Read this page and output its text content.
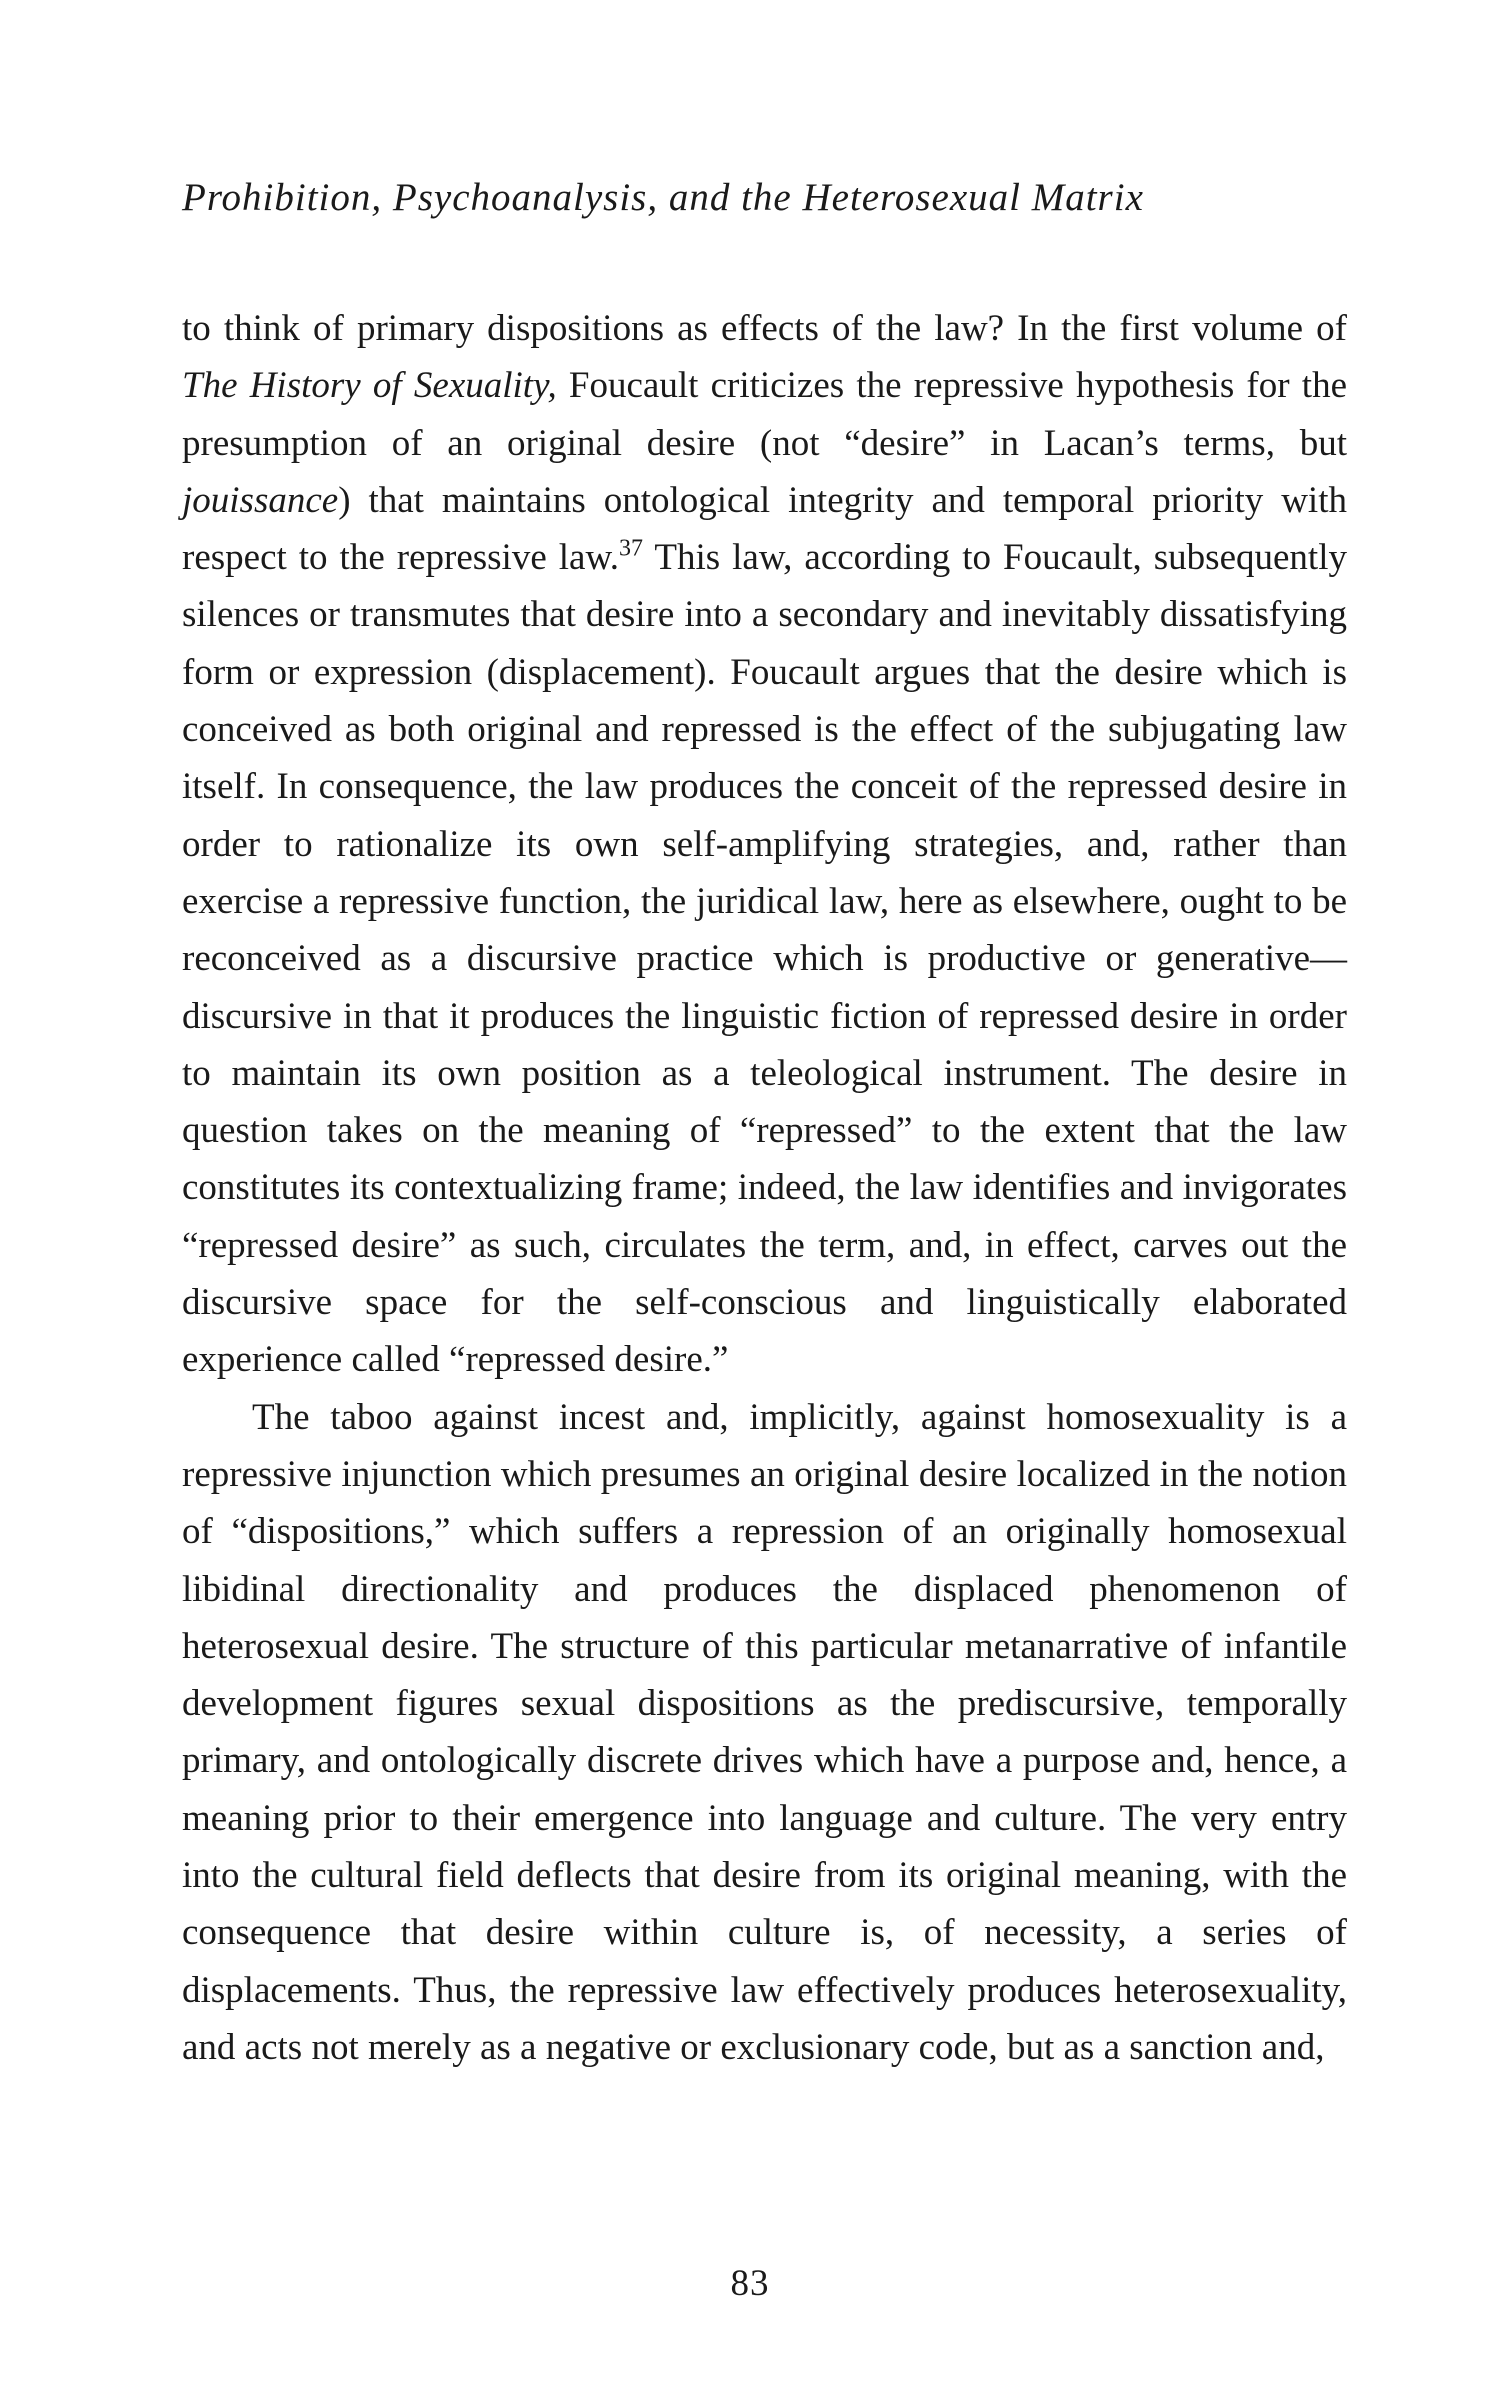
Prohibition, Psychoanalysis, and the Heterosexual Matrix

to think of primary dispositions as effects of the law? In the first volume of The History of Sexuality, Foucault criticizes the repressive hypothesis for the presumption of an original desire (not “desire” in Lacan’s terms, but jouissance) that maintains ontological integrity and temporal priority with respect to the repressive law.$^{37}$ This law, according to Foucault, subsequently silences or transmutes that desire into a secondary and inevitably dissatisfying form or expression (displacement). Foucault argues that the desire which is conceived as both original and repressed is the effect of the subjugating law itself. In consequence, the law produces the conceit of the repressed desire in order to rationalize its own self-amplifying strategies, and, rather than exercise a repressive function, the juridical law, here as elsewhere, ought to be reconceived as a discursive practice which is productive or generative—discursive in that it produces the linguistic fiction of repressed desire in order to maintain its own position as a teleological instrument. The desire in question takes on the meaning of “repressed” to the extent that the law constitutes its contextualizing frame; indeed, the law identifies and invigorates “repressed desire” as such, circulates the term, and, in effect, carves out the discursive space for the self-conscious and linguistically elaborated experience called “repressed desire.”

The taboo against incest and, implicitly, against homosexuality is a repressive injunction which presumes an original desire localized in the notion of “dispositions,” which suffers a repression of an originally homosexual libidinal directionality and produces the displaced phenomenon of heterosexual desire. The structure of this particular metanarrative of infantile development figures sexual dispositions as the prediscursive, temporally primary, and ontologically discrete drives which have a purpose and, hence, a meaning prior to their emergence into language and culture. The very entry into the cultural field deflects that desire from its original meaning, with the consequence that desire within culture is, of necessity, a series of displacements. Thus, the repressive law effectively produces heterosexuality, and acts not merely as a negative or exclusionary code, but as a sanction and,

83
